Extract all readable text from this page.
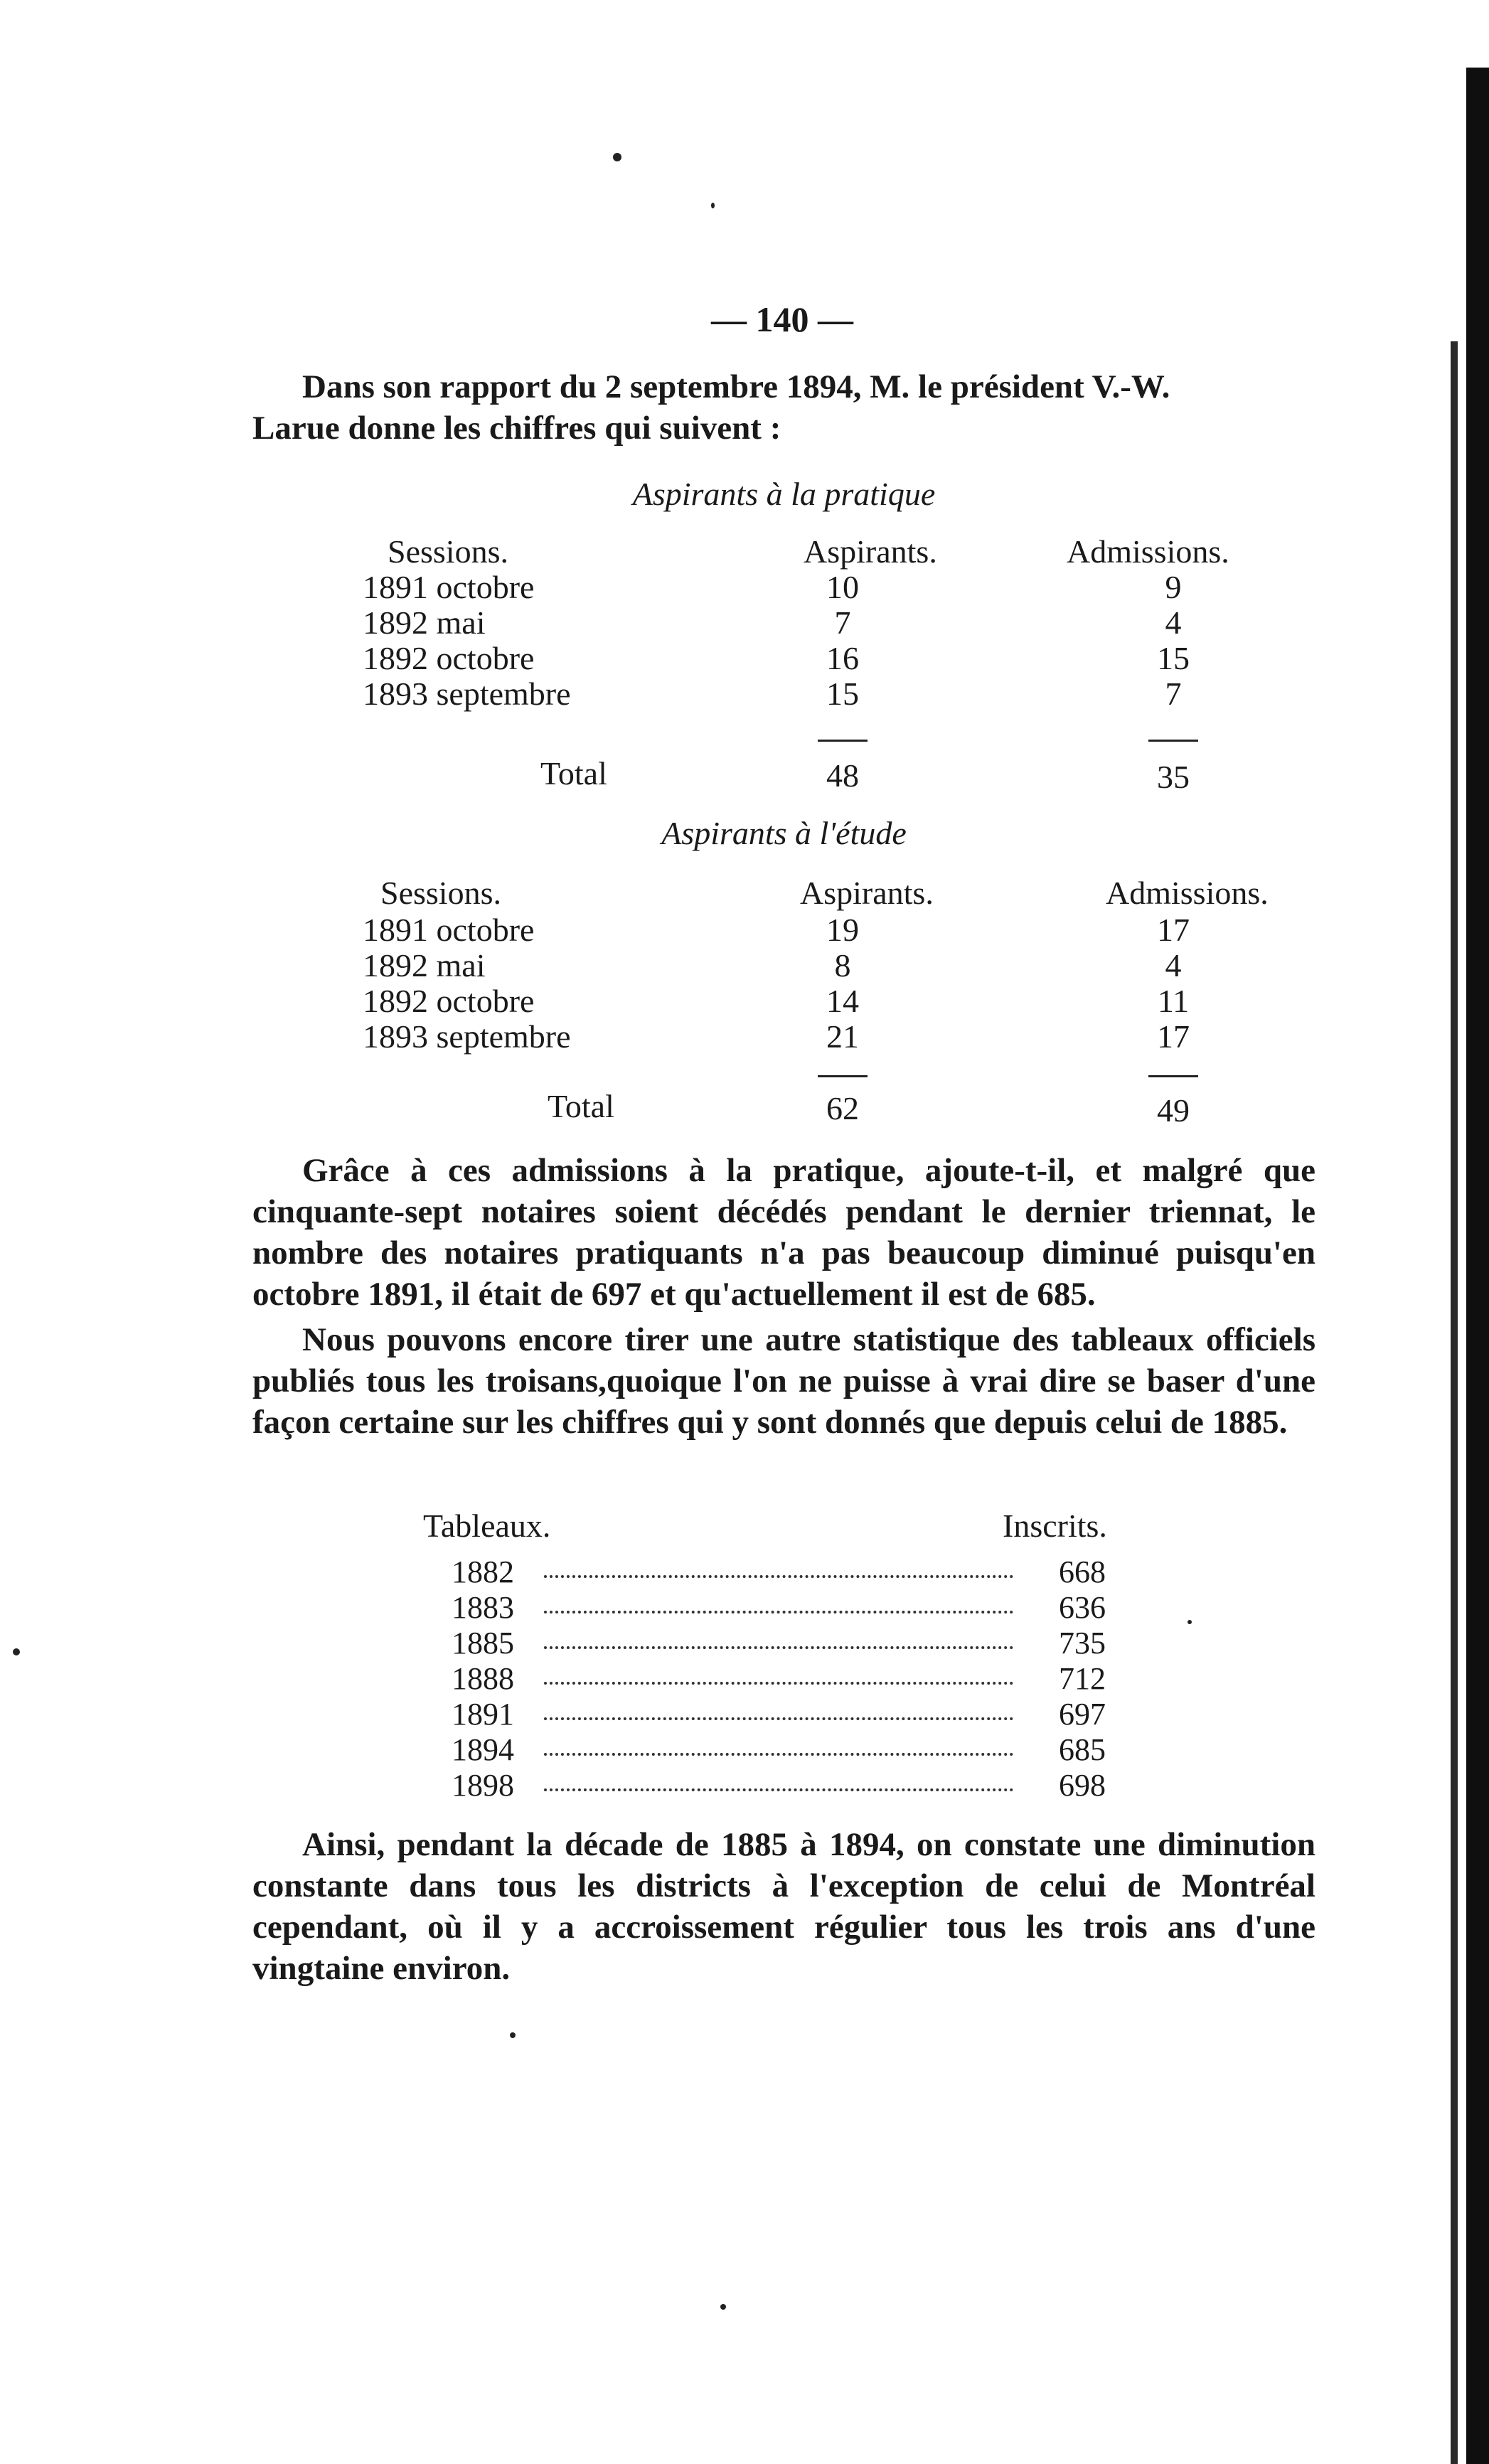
— 140 —
Dans son rapport du 2 septembre 1894, M. le président V.-W.
Larue donne les chiffres qui suivent :
Aspirants à la pratique
Sessions.	Aspirants.	Admissions.
1891 octobre	10	9
1892 mai	7	4
1892 octobre	16	15
1893 septembre	15	7
Total	48	35
Aspirants à l'étude
Sessions.	Aspirants.	Admissions.
1891 octobre	19	17
1892 mai	8	4
1892 octobre	14	11
1893 septembre	21	17
Total	62	49
Grâce à ces admissions à la pratique, ajoute-t-il, et malgré que cinquante-sept notaires soient décédés pendant le dernier triennat, le nombre des notaires pratiquants n'a pas beaucoup diminué puisqu'en octobre 1891, il était de 697 et qu'actuellement il est de 685.
Nous pouvons encore tirer une autre statistique des tableaux officiels publiés tous les troisans,quoique l'on ne puisse à vrai dire se baser d'une façon certaine sur les chiffres qui y sont donnés que depuis celui de 1885.
Tableaux.	Inscrits.
1882	668
1883	636
1885	735
1888	712
1891	697
1894	685
1898	698
Ainsi, pendant la décade de 1885 à 1894, on constate une diminution constante dans tous les districts à l'exception de celui de Montréal cependant, où il y a accroissement régulier tous les trois ans d'une vingtaine environ.
